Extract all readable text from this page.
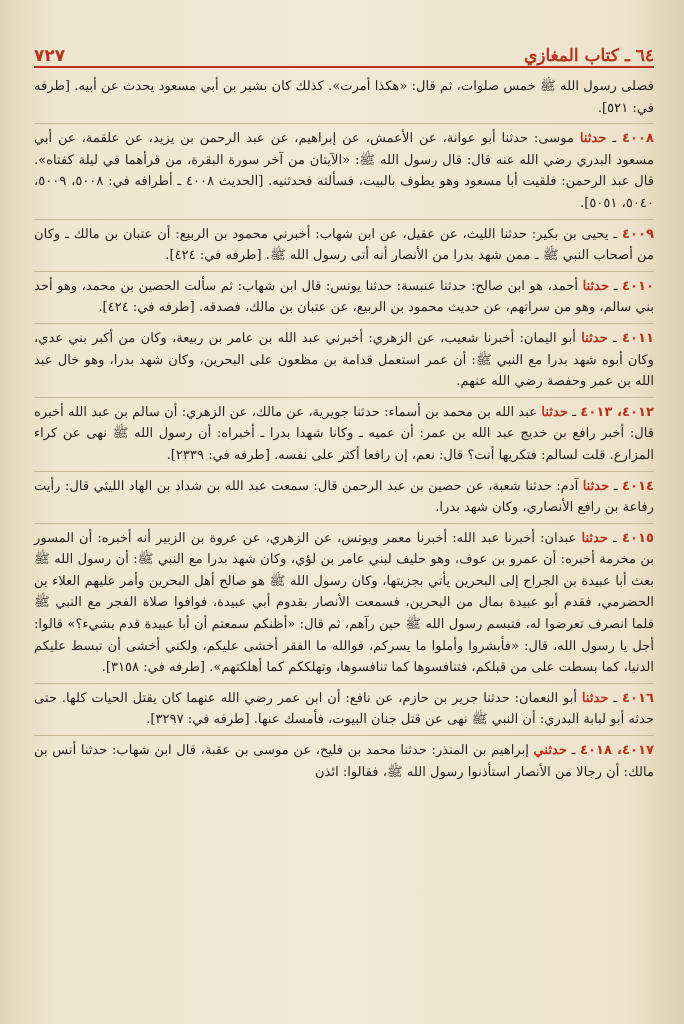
٦٤ ـ كتاب المغازي
٧٢٧

فصلى رسول الله ﷺ خمس صلوات، ثم قال: «هكذا أمرت». كذلك كان بشير بن أبي مسعود يحدث عن أبيه. [طرفه في: ٥٢١].

٤٠٠٨ ـ حدثنا موسى: حدثنا أبو عوانة، عن الأعمش، عن إبراهيم، عن عبد الرحمن بن يزيد، عن علقمة، عن أبي مسعود البدري رضي الله عنه قال: قال رسول الله ﷺ: «الآيتان من آخر سورة البقرة، من قرأهما في ليلة كفتاه». قال عبد الرحمن: فلقيت أبا مسعود وهو يطوف بالبيت، فسألته فحدثنيه. [الحديث ٤٠٠٨ ـ أطرافه في: ٥٠٠٨، ٥٠٠٩، ٥٠٤٠، ٥٠٥١].

٤٠٠٩ ـ يحيى بن بكير: حدثنا الليث، عن عقيل، عن ابن شهاب: أخبرني محمود بن الربيع: أن عتبان بن مالك ـ وكان من أصحاب النبي ﷺ ـ ممن شهد بدرا من الأنصار أنه أتى رسول الله ﷺ. [طرفه في: ٤٢٤].

٤٠١٠ ـ حدثنا أحمد، هو ابن صالح: حدثنا عنبسة: حدثنا يونس: قال ابن شهاب: ثم سألت الحصين بن محمد، وهو أحد بني سالم، وهو من سراتهم، عن حديث محمود بن الربيع، عن عتبان بن مالك، فصدقه. [طرفه في: ٤٢٤].

٤٠١١ ـ حدثنا أبو اليمان: أخبرنا شعيب، عن الزهري: أخبرني عبد الله بن عامر بن ربيعة، وكان من أكبر بني عدي، وكان أبوه شهد بدرا مع النبي ﷺ: أن عمر استعمل قدامة بن مظعون على البحرين، وكان شهد بدرا، وهو خال عبد الله بن عمر وحفصة رضي الله عنهم.

٤٠١٢، ٤٠١٣ ـ حدثنا عبد الله بن محمد بن أسماء: حدثنا جويرية، عن مالك، عن الزهري: أن سالم بن عبد الله أخبره قال: أخبر رافع بن خديج عبد الله بن عمر: أن عميه ـ وكانا شهدا بدرا ـ أخبراه: أن رسول الله ﷺ نهى عن كراء المزارع. قلت لسالم: فتكريها أنت؟ قال: نعم، إن رافعا أكثر على نفسه. [طرفه في: ٢٣٣٩].

٤٠١٤ ـ حدثنا آدم: حدثنا شعبة، عن حصين بن عبد الرحمن قال: سمعت عبد الله بن شداد بن الهاد الليثي قال: رأيت رفاعة بن رافع الأنصاري، وكان شهد بدرا.

٤٠١٥ ـ حدثنا عبدان: أخبرنا عبد الله: أخبرنا معمر ويونس، عن الزهري، عن عروة بن الزبير أنه أخبره: أن المسور بن مخرمة أخبره: أن عمرو بن عوف، وهو حليف لبني عامر بن لؤي، وكان شهد بدرا مع النبي ﷺ: أن رسول الله ﷺ بعث أبا عبيدة بن الجراح إلى البحرين يأتي بجزيتها، وكان رسول الله ﷺ هو صالح أهل البحرين وأمر عليهم العلاء بن الحضرمي، فقدم أبو عبيدة بمال من البحرين، فسمعت الأنصار بقدوم أبي عبيدة، فوافوا صلاة الفجر مع النبي ﷺ فلما انصرف تعرضوا له، فتبسم رسول الله ﷺ حين رآهم، ثم قال: «أظنكم سمعتم أن أبا عبيدة قدم بشيء؟» قالوا: أجل يا رسول الله، قال: «فأبشروا وأملوا ما يسركم، فوالله ما الفقر أخشى عليكم، ولكني أخشى أن تبسط عليكم الدنيا، كما بسطت على من قبلكم، فتنافسوها كما تنافسوها، وتهلككم كما أهلكتهم». [طرفه في: ٣١٥٨].

٤٠١٦ ـ حدثنا أبو النعمان: حدثنا جرير بن حازم، عن نافع: أن ابن عمر رضي الله عنهما كان يقتل الحيات كلها. حتى حدثه أبو لبابة البدري: أن النبي ﷺ نهى عن قتل جنان البيوت، فأمسك عنها. [طرفه في: ٣٢٩٧].

٤٠١٧، ٤٠١٨ ـ حدثني إبراهيم بن المنذر: حدثنا محمد بن فليح، عن موسى بن عقبة، قال ابن شهاب: حدثنا أنس بن مالك: أن رجالا من الأنصار استأذنوا رسول الله ﷺ، فقالوا: ائذن
